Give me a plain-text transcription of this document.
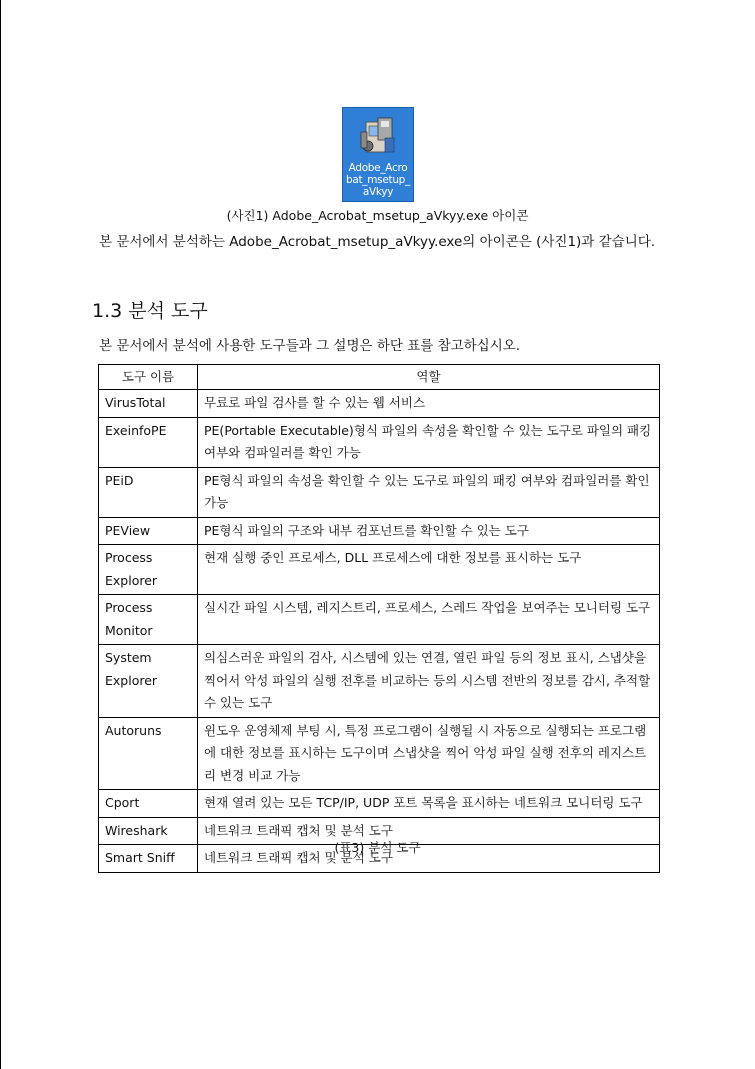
Adobe_Acro
bat_msetup_
aVkyy
(사진1) Adobe_Acrobat_msetup_aVkyy.exe 아이콘
본 문서에서 분석하는 Adobe_Acrobat_msetup_aVkyy.exe의 아이콘은 (사진1)과 같습니다.
1.3 분석 도구
본 문서에서 분석에 사용한 도구들과 그 설명은 하단 표를 참고하십시오.
도구 이름	역할
VirusTotal	무료로 파일 검사를 할 수 있는 웹 서비스
ExeinfoPE	PE(Portable Executable)형식 파일의 속성을 확인할 수 있는 도구로 파일의 패킹 여부와 컴파일러를 확인 가능
PEiD	PE형식 파일의 속성을 확인할 수 있는 도구로 파일의 패킹 여부와 컴파일러를 확인 가능
PEView	PE형식 파일의 구조와 내부 컴포넌트를 확인할 수 있는 도구
Process Explorer	현재 실행 중인 프로세스, DLL 프로세스에 대한 정보를 표시하는 도구
Process Monitor	실시간 파일 시스템, 레지스트리, 프로세스, 스레드 작업을 보여주는 모니터링 도구
System Explorer	의심스러운 파일의 검사, 시스템에 있는 연결, 열린 파일 등의 정보 표시, 스냅샷을 찍어서 악성 파일의 실행 전후를 비교하는 등의 시스템 전반의 정보를 감시, 추적할 수 있는 도구
Autoruns	윈도우 운영체제 부팅 시, 특정 프로그램이 실행될 시 자동으로 실행되는 프로그램에 대한 정보를 표시하는 도구이며 스냅샷을 찍어 악성 파일 실행 전후의 레지스트리 변경 비교 가능
Cport	현재 열려 있는 모든 TCP/IP, UDP 포트 목록을 표시하는 네트워크 모니터링 도구
Wireshark	네트워크 트래픽 캡처 및 분석 도구
Smart Sniff	네트워크 트래픽 캡처 및 분석 도구
(표3) 분석 도구
